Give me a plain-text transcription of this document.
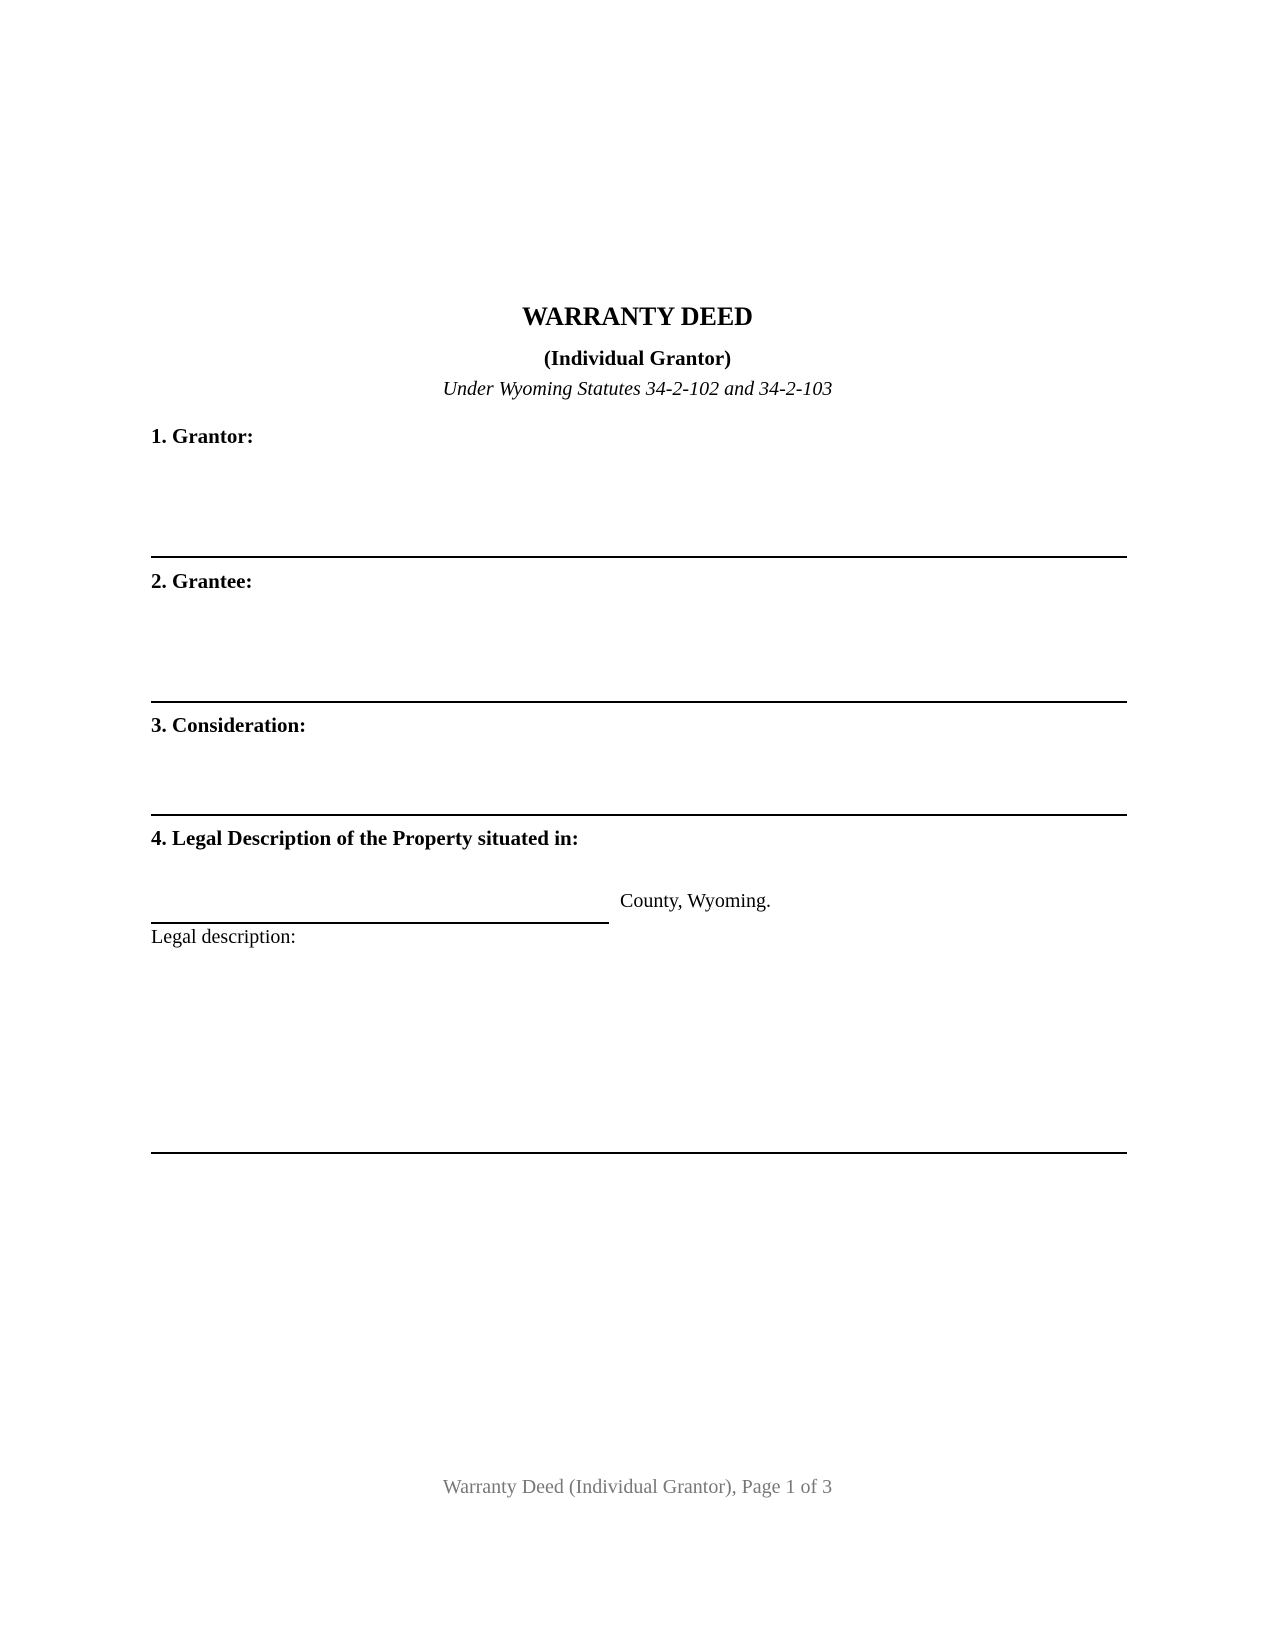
WARRANTY DEED
(Individual Grantor)
Under Wyoming Statutes 34-2-102 and 34-2-103
1. Grantor:
2. Grantee:
3. Consideration:
4. Legal Description of the Property situated in:
County, Wyoming.
Legal description:
Warranty Deed (Individual Grantor), Page 1 of 3
